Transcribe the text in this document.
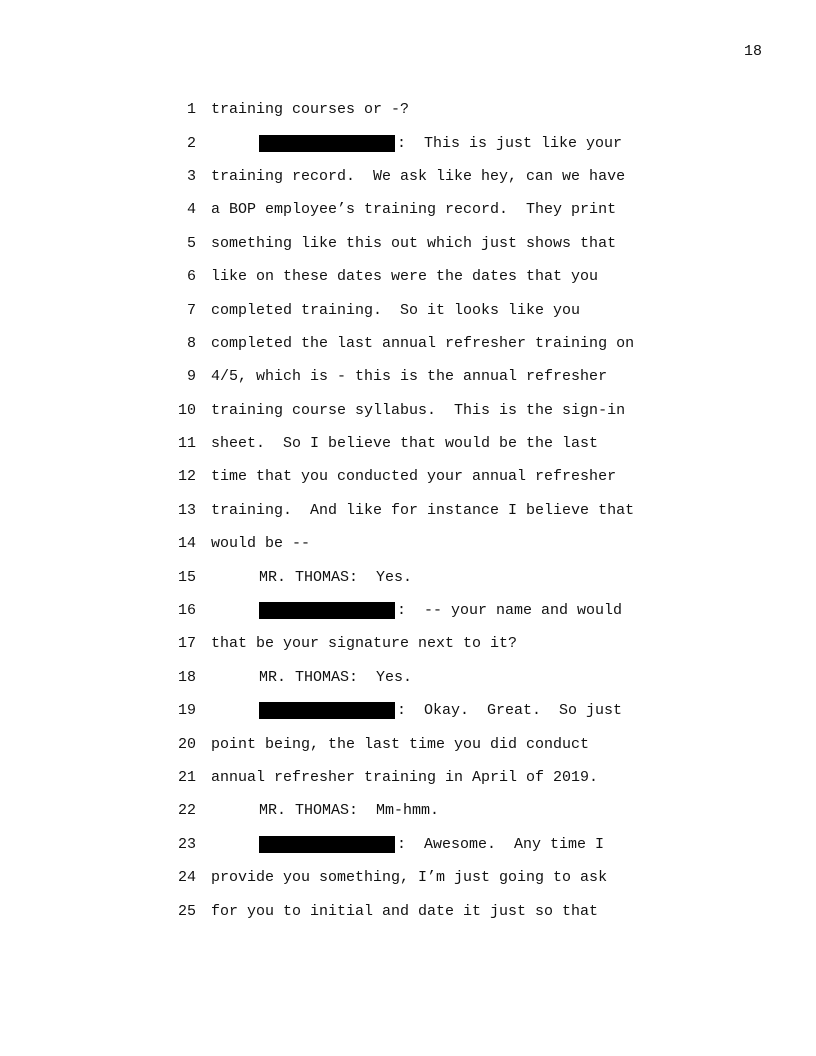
18
1 training courses or -?
2	:  This is just like your
3 training record.  We ask like hey, can we have
4 a BOP employee’s training record.  They print
5 something like this out which just shows that
6 like on these dates were the dates that you
7 completed training.  So it looks like you
8 completed the last annual refresher training on
9 4/5, which is - this is the annual refresher
10 training course syllabus.  This is the sign-in
11 sheet.  So I believe that would be the last
12 time that you conducted your annual refresher
13 training.  And like for instance I believe that
14 would be --
15	MR. THOMAS:  Yes.
16	:  -- your name and would
17 that be your signature next to it?
18	MR. THOMAS:  Yes.
19	:  Okay.  Great.  So just
20 point being, the last time you did conduct
21 annual refresher training in April of 2019.
22	MR. THOMAS:  Mm-hmm.
23	:  Awesome.  Any time I
24 provide you something, I’m just going to ask
25 for you to initial and date it just so that
